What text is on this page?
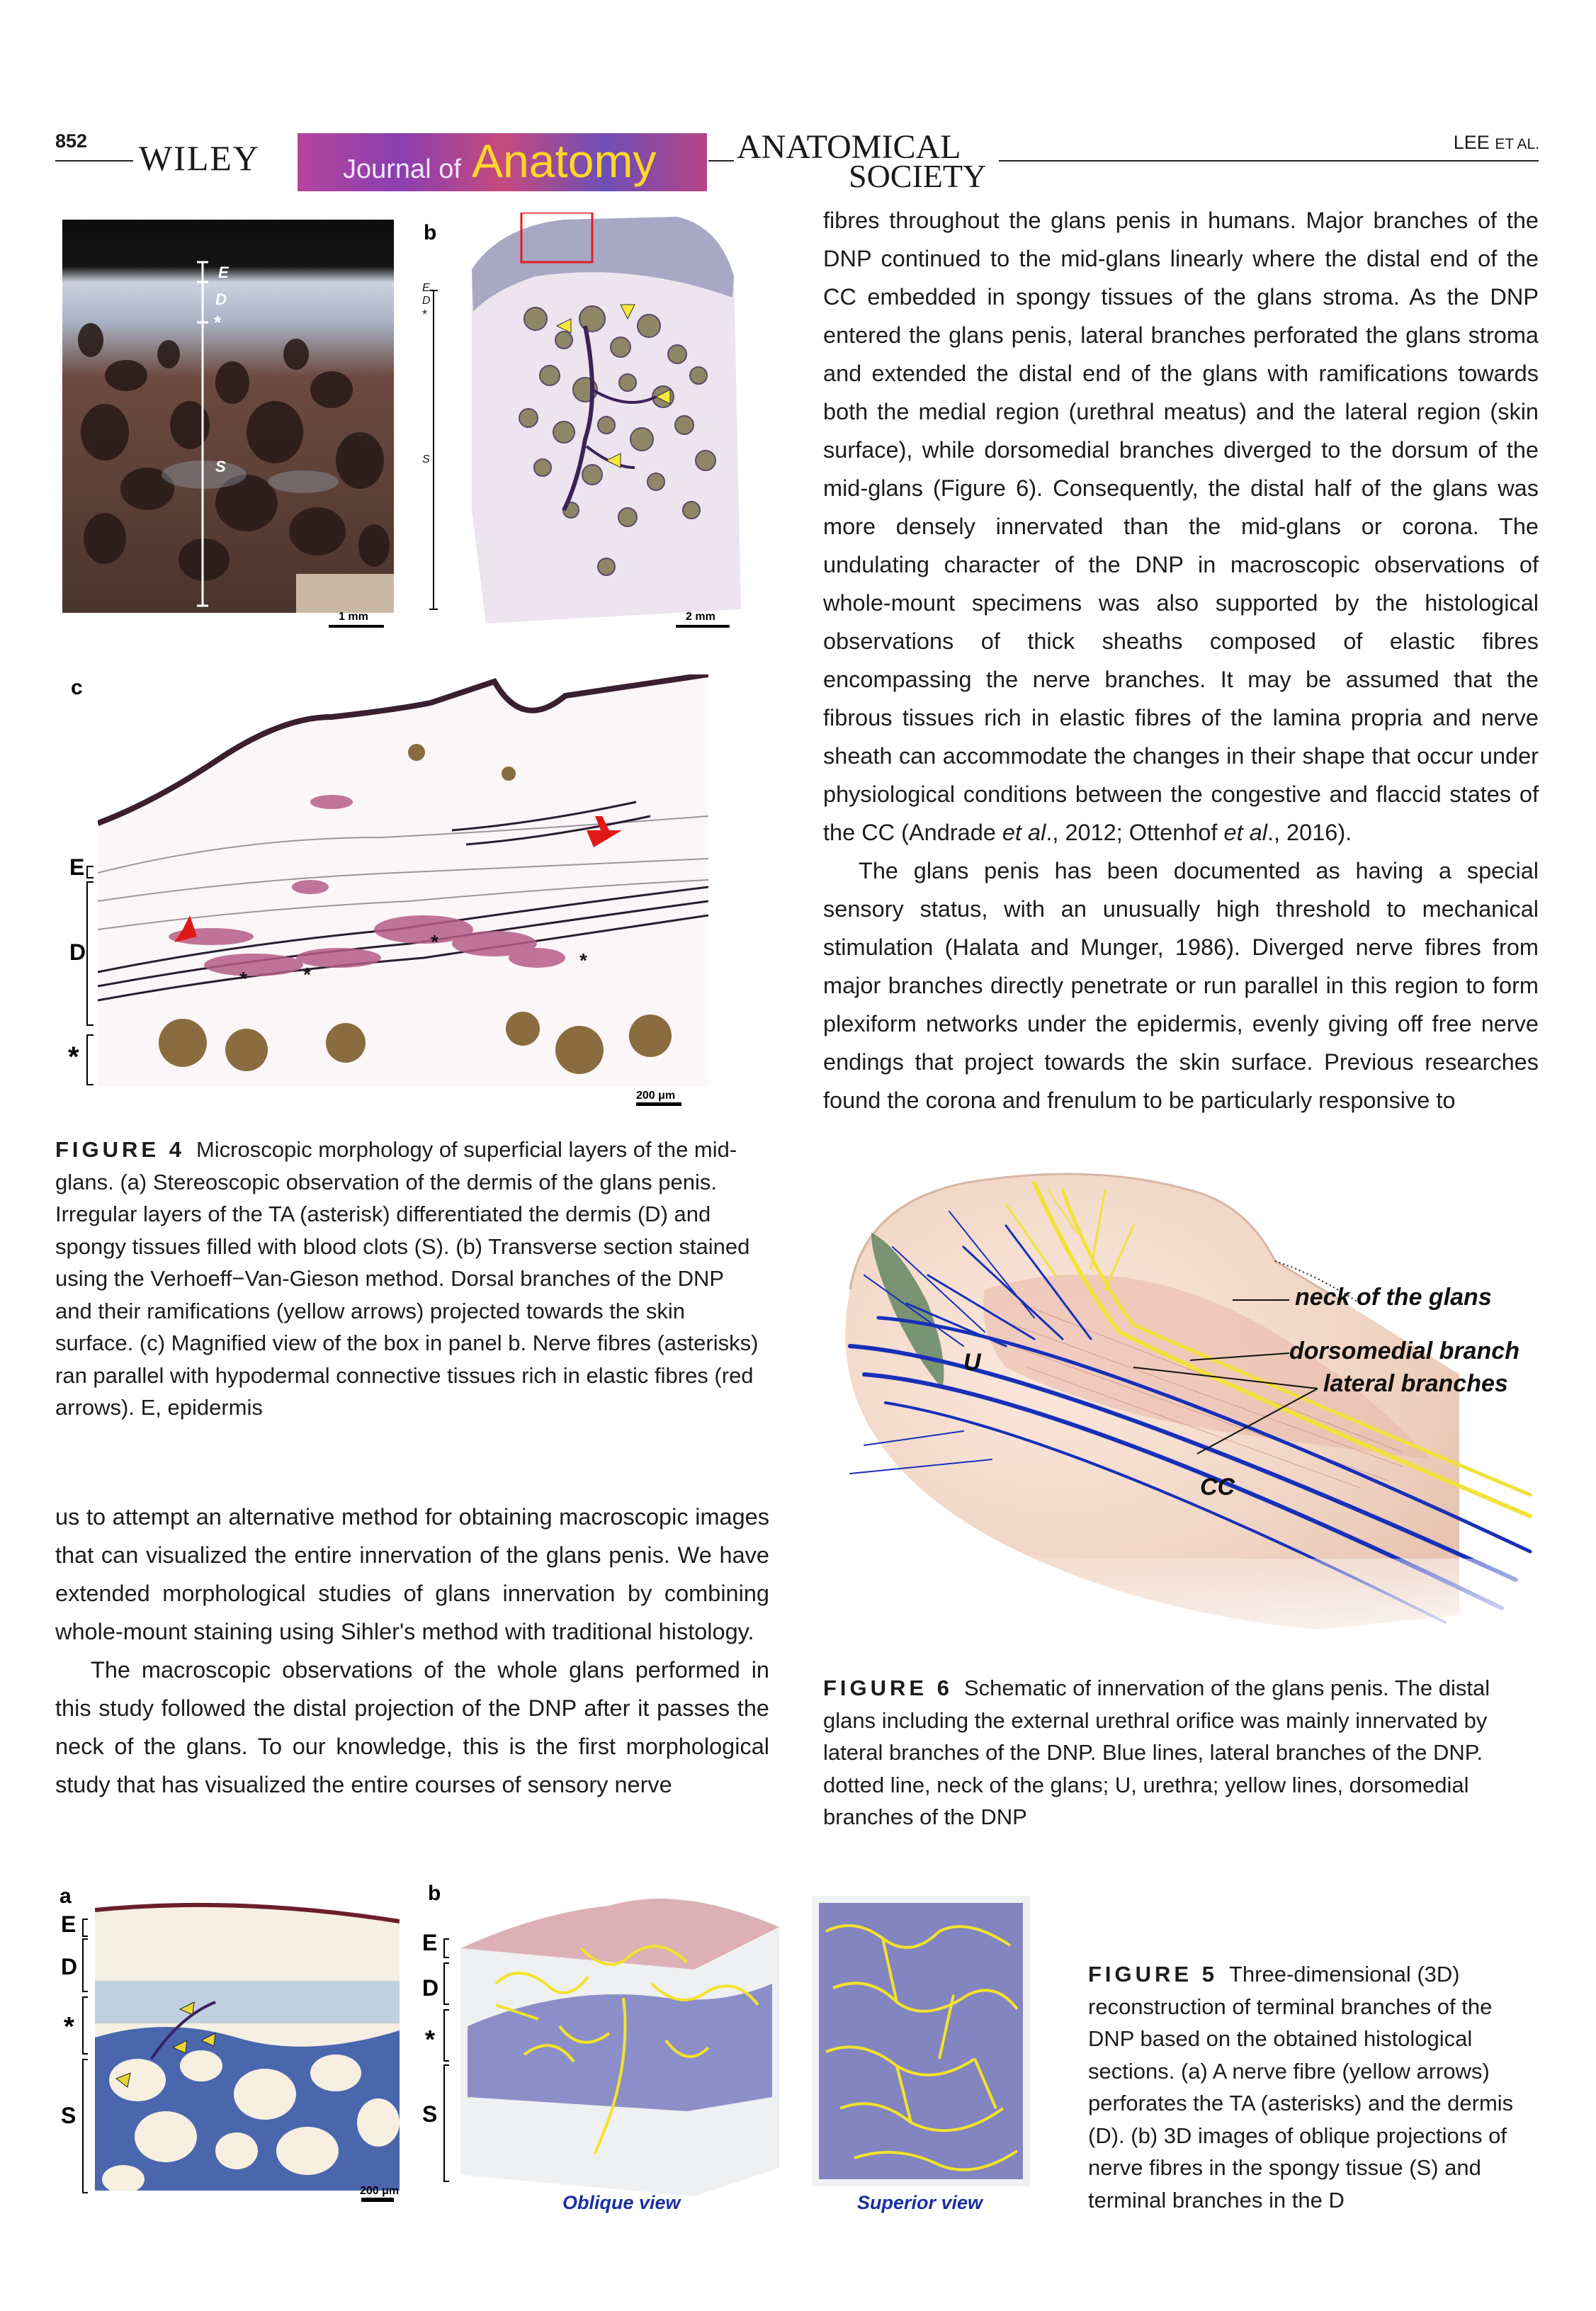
852 WILEY	Journal of Anatomy ANATOMICAL
SOCIETY
LEE ET AL.
E
D
*
S
1 mm
b
E
D
*
S
2 mm
c
*	*
*
*
E
D
*
200 μm
FIGURE 4 Microscopic morphology of superficial layers of the mid-glans. (a) Stereoscopic observation of the dermis of the glans penis. Irregular layers of the TA (asterisk) differentiated the dermis (D) and spongy tissues filled with blood clots (S). (b) Transverse section stained using the Verhoeff−Van-Gieson method. Dorsal branches of the DNP and their ramifications (yellow arrows) projected towards the skin surface. (c) Magnified view of the box in panel b. Nerve fibres (asterisks) ran parallel with hypodermal connective tissues rich in elastic fibres (red arrows). E, epidermis

fibres throughout the glans penis in humans. Major branches of the DNP continued to the mid-glans linearly where the distal end of the CC embedded in spongy tissues of the glans stroma. As the DNP entered the glans penis, lateral branches perforated the glans stroma and extended the distal end of the glans with ramifications towards both the medial region (urethral meatus) and the lateral region (skin surface), while dorsomedial branches diverged to the dorsum of the mid-glans (Figure 6). Consequently, the distal half of the glans was more densely innervated than the mid-glans or corona. The undulating character of the DNP in macroscopic observations of whole-mount specimens was also supported by the histological observations of thick sheaths composed of elastic fibres encompassing the nerve branches. It may be assumed that the fibrous tissues rich in elastic fibres of the lamina propria and nerve sheath can accommodate the changes in their shape that occur under physiological conditions between the congestive and flaccid states of the CC (Andrade et al., 2012; Ottenhof et al., 2016).

The glans penis has been documented as having a special sensory status, with an unusually high threshold to mechanical stimulation (Halata and Munger, 1986). Diverged nerve fibres from major branches directly penetrate or run parallel in this region to form plexiform networks under the epidermis, evenly giving off free nerve endings that project towards the skin surface. Previous researches found the corona and frenulum to be particularly responsive to

neck of the glans
dorsomedial branch
lateral branches
U
CC
FIGURE 6 Schematic of innervation of the glans penis. The distal glans including the external urethral orifice was mainly innervated by lateral branches of the DNP. Blue lines, lateral branches of the DNP. dotted line, neck of the glans; U, urethra; yellow lines, dorsomedial branches of the DNP

us to attempt an alternative method for obtaining macroscopic images that can visualized the entire innervation of the glans penis. We have extended morphological studies of glans innervation by combining whole-mount staining using Sihler's method with traditional histology.

The macroscopic observations of the whole glans performed in this study followed the distal projection of the DNP after it passes the neck of the glans. To our knowledge, this is the first morphological study that has visualized the entire courses of sensory nerve

a
E
D
*
S
200 μm
b
E
D
*
S
Oblique view	Superior view
FIGURE 5 Three-dimensional (3D) reconstruction of terminal branches of the DNP based on the obtained histological sections. (a) A nerve fibre (yellow arrows) perforates the TA (asterisks) and the dermis (D). (b) 3D images of oblique projections of nerve fibres in the spongy tissue (S) and terminal branches in the D
